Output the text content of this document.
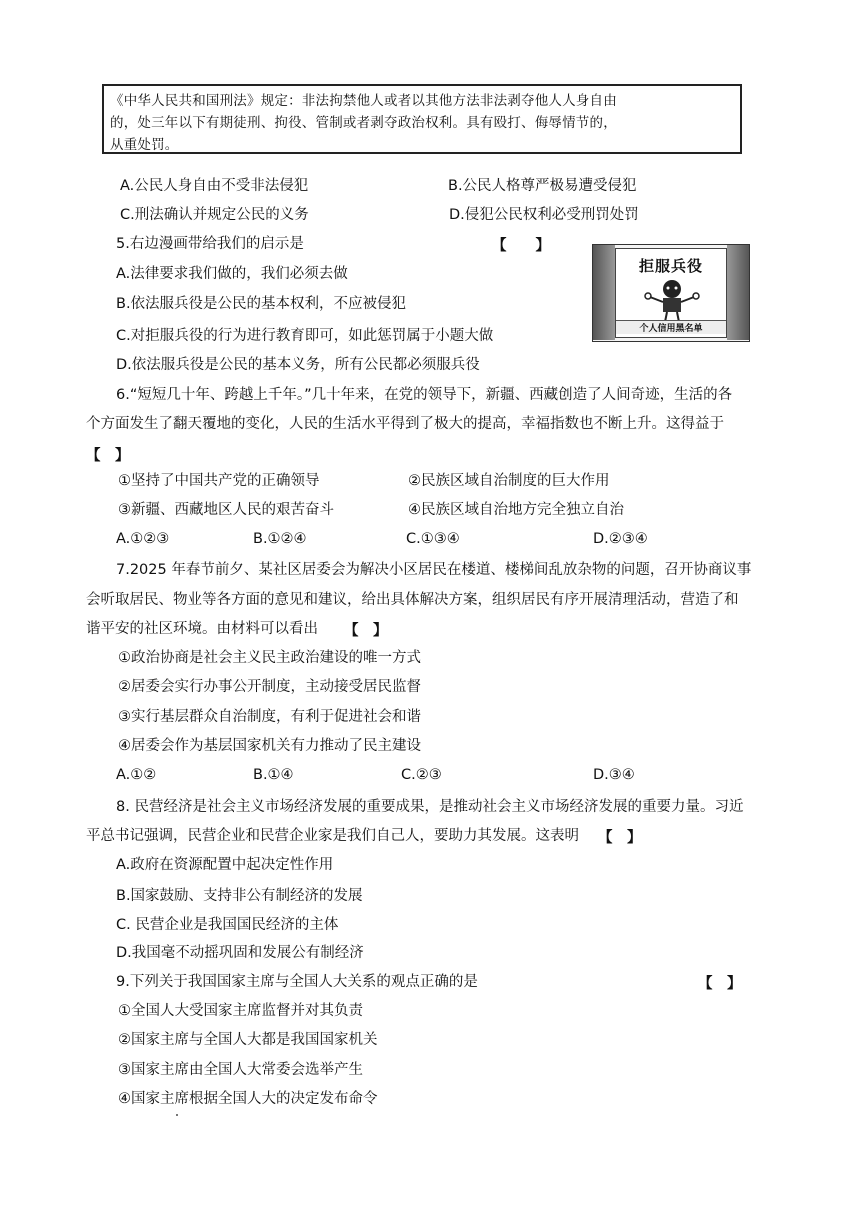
《中华人民共和国刑法》规定：非法拘禁他人或者以其他方法非法剥夺他人人身自由
的，处三年以下有期徒刑、拘役、管制或者剥夺政治权利。具有殴打、侮辱情节的，
从重处罚。
A.公民人身自由不受非法侵犯	B.公民人格尊严极易遭受侵犯
C.刑法确认并规定公民的义务	D.侵犯公民权利必受刑罚处罚
5.右边漫画带给我们的启示是	【　　】
A.法律要求我们做的，我们必须去做
B.依法服兵役是公民的基本权利，不应被侵犯
C.对拒服兵役的行为进行教育即可，如此惩罚属于小题大做
D.依法服兵役是公民的基本义务，所有公民都必须服兵役
拒服兵役
个人信用黑名单
6.“短短几十年、跨越上千年。”几十年来，在党的领导下，新疆、西藏创造了人间奇迹，生活的各
个方面发生了翻天覆地的变化，人民的生活水平得到了极大的提高，幸福指数也不断上升。这得益于
【　】
①坚持了中国共产党的正确领导	②民族区域自治制度的巨大作用
③新疆、西藏地区人民的艰苦奋斗	④民族区域自治地方完全独立自治
A.①②③	B.①②④	C.①③④	D.②③④
7.2025 年春节前夕、某社区居委会为解决小区居民在楼道、楼梯间乱放杂物的问题，召开协商议事
会听取居民、物业等各方面的意见和建议，给出具体解决方案，组织居民有序开展清理活动，营造了和
谐平安的社区环境。由材料可以看出 【　】
①政治协商是社会主义民主政治建设的唯一方式
②居委会实行办事公开制度，主动接受居民监督
③实行基层群众自治制度，有利于促进社会和谐
④居委会作为基层国家机关有力推动了民主建设
A.①②	B.①④	C.②③	D.③④
8. 民营经济是社会主义市场经济发展的重要成果，是推动社会主义市场经济发展的重要力量。习近
平总书记强调，民营企业和民营企业家是我们自己人，要助力其发展。这表明 【　】
A.政府在资源配置中起决定性作用
B.国家鼓励、支持非公有制经济的发展
C. 民营企业是我国国民经济的主体
D.我国毫不动摇巩固和发展公有制经济
9.下列关于我国国家主席与全国人大关系的观点正确的是	【　】
①全国人大受国家主席监督并对其负责
②国家主席与全国人大都是我国国家机关
③国家主席由全国人大常委会选举产生
④国家主席根据全国人大的决定发布命令
